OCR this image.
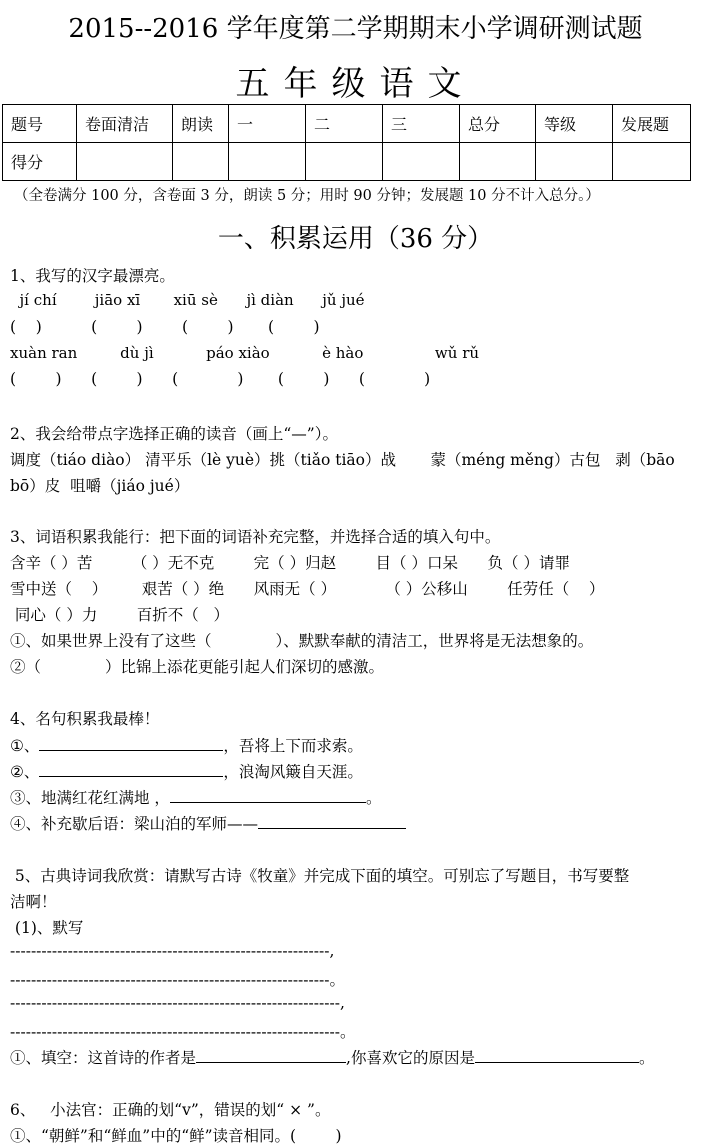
2015--2016 学年度第二学期期末小学调研测试题
五年级语文
题号	卷面清洁	朗读	一	二	三	总分	等级	发展题
得分								
（全卷满分 100 分，含卷面 3 分，朗读 5 分；用时 90 分钟；发展题 10 分不计入总分。）
一、积累运用（36 分）
1、我写的汉字最漂亮。
jí chí        jiāo xī       xiū sè      jì diàn      jǔ jué
(    )          (        )        (        )       (        )
xuàn ran         dù jì           páo xiào           è hào               wǔ rǔ
(        )      (        )      (            )       (        )      (            )
2、我会给带点字选择正确的读音（画上“—”）。
调度（tiáo diào） 清平乐（lè yuè）挑（tiǎo tiāo）战       蒙（méng měng）古包   剥（bāo
bō）皮  咀嚼（jiáo jué）
3、词语积累我能行：把下面的词语补充完整，并选择合适的填入句中。
含辛（ ）苦        （ ）无不克        完（ ）归赵        目（ ）口呆      负（ ）请罪
雪中送（    ）       艰苦（ ）绝      风雨无（ ）          （ ）公移山        任劳任（    ）
同心（ ）力        百折不（   ）
①、如果世界上没有了这些（             ）、默默奉献的清洁工，世界将是无法想象的。
②（             ）比锦上添花更能引起人们深切的感激。
4、名句积累我最棒！
①、	，吾将上下而求索。
②、	，浪淘风簸自天涯。
③、地满红花红满地 ，	。
④、补充歇后语：梁山泊的军师——
5、古典诗词我欣赏：请默写古诗《牧童》并完成下面的填空。可别忘了写题目，书写要整
洁啊！
(1)、默写
-------------------------------------------------------------,
-------------------------------------------------------------。
---------------------------------------------------------------,
---------------------------------------------------------------。
①、填空：这首诗的作者是	,你喜欢它的原因是	。
6、   小法官：正确的划“v”，错误的划“ × ”。
①、“朝鲜”和“鲜血”中的“鲜”读音相同。(        )
